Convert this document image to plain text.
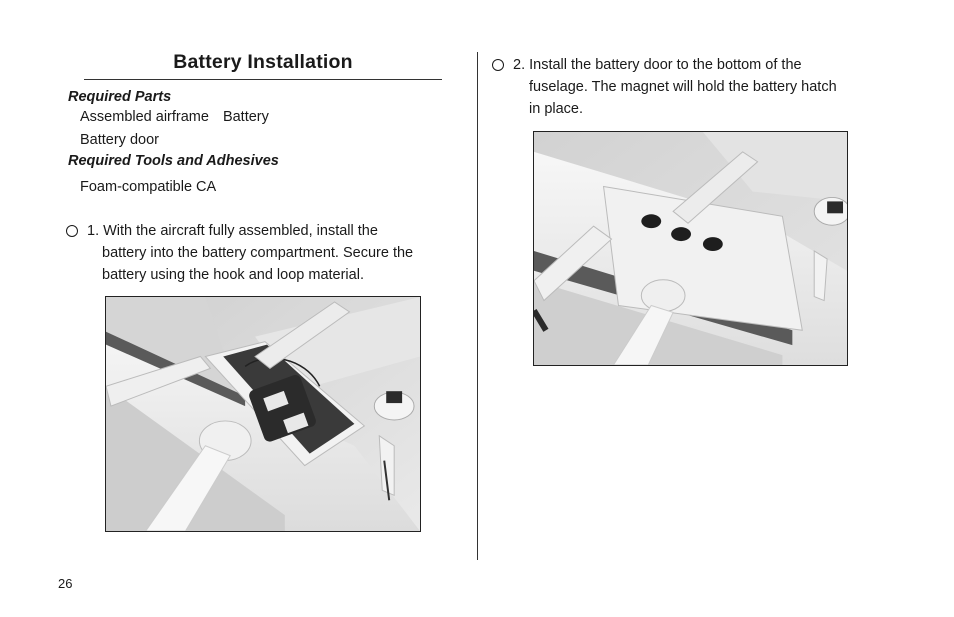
Battery Installation
Required Parts
Assembled airframe Battery
Battery door
Required Tools and Adhesives
Foam-compatible CA
1. With the aircraft fully assembled, install the
battery into the battery compartment. Secure the
battery using the hook and loop material.
2. Install the battery door to the bottom of the
fuselage. The magnet will hold the battery hatch
in place.
26
